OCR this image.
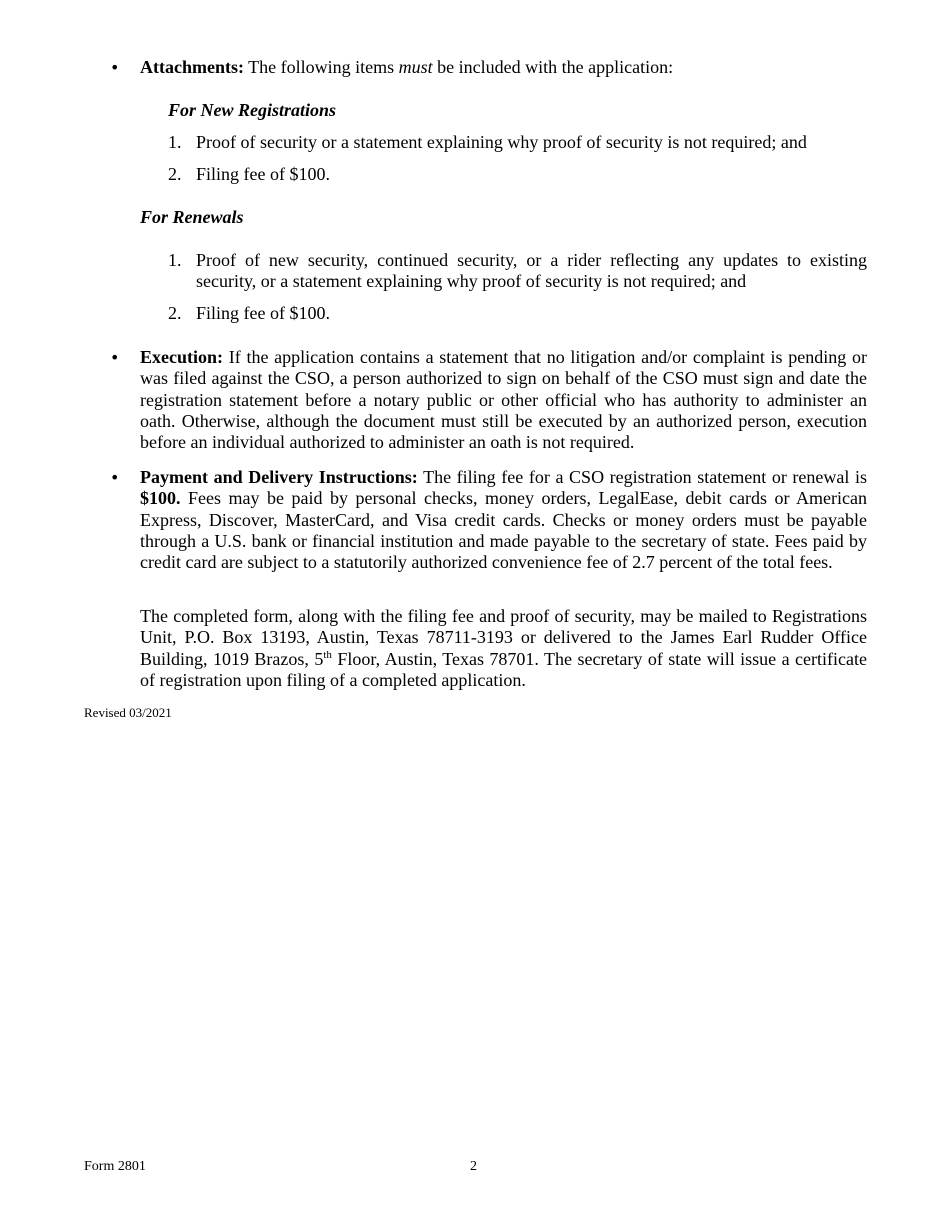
• Attachments: The following items must be included with the application:

For New Registrations
1. Proof of security or a statement explaining why proof of security is not required; and
2. Filing fee of $100.
For Renewals
1. Proof of new security, continued security, or a rider reflecting any updates to existing security, or a statement explaining why proof of security is not required; and
2. Filing fee of $100.
• Execution: If the application contains a statement that no litigation and/or complaint is pending or was filed against the CSO, a person authorized to sign on behalf of the CSO must sign and date the registration statement before a notary public or other official who has authority to administer an oath. Otherwise, although the document must still be executed by an authorized person, execution before an individual authorized to administer an oath is not required.

• Payment and Delivery Instructions: The filing fee for a CSO registration statement or renewal is $100. Fees may be paid by personal checks, money orders, LegalEase, debit cards or American Express, Discover, MasterCard, and Visa credit cards. Checks or money orders must be payable through a U.S. bank or financial institution and made payable to the secretary of state. Fees paid by credit card are subject to a statutorily authorized convenience fee of 2.7 percent of the total fees.

The completed form, along with the filing fee and proof of security, may be mailed to Registrations Unit, P.O. Box 13193, Austin, Texas 78711-3193 or delivered to the James Earl Rudder Office Building, 1019 Brazos, 5th Floor, Austin, Texas 78701. The secretary of state will issue a certificate of registration upon filing of a completed application.

Revised 03/2021
Form 2801	2
